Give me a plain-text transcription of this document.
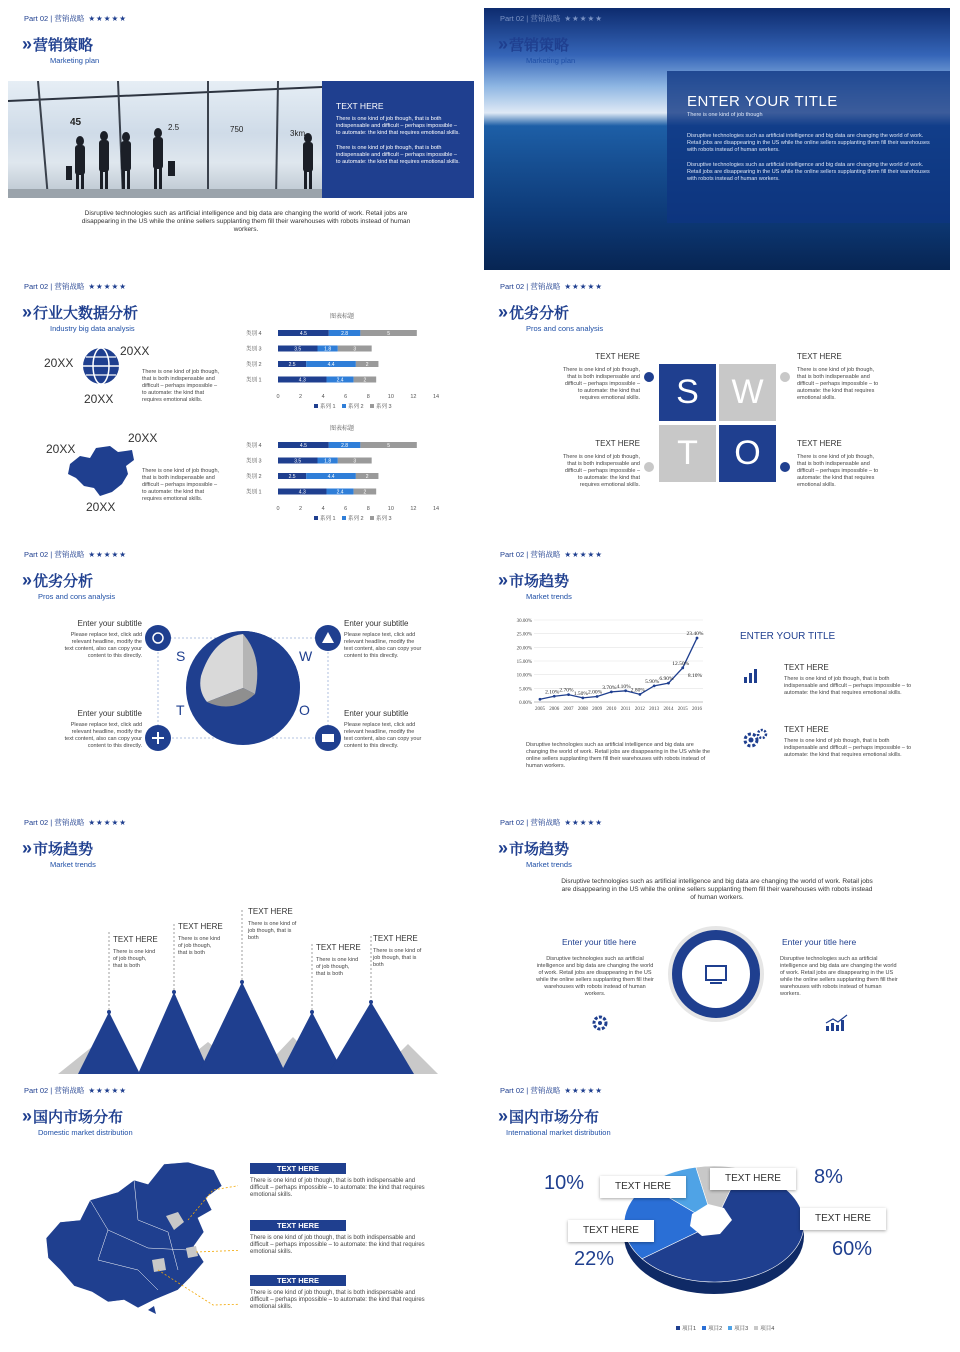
Part 02 | 营销战略 ★★★★★
» 营销策略
Marketing plan
45	2.5	750	3km
TEXT HERE
There is one kind of job though, that is both indispensable and difficult – perhaps impossible – to automate: the kind that requires emotional skills.
There is one kind of job though, that is both indispensable and difficult – perhaps impossible – to automate: the kind that requires emotional skills.
Disruptive technologies such as artificial intelligence and big data are changing the world of work. Retail jobs are disappearing in the US while the online sellers supplanting them fill their warehouses with robots instead of human workers.
Part 02 | 营销战略 ★★★★★
» 营销策略
Marketing plan
ENTER YOUR TITLE
There is one kind of job though
Disruptive technologies such as artificial intelligence and big data are changing the world of work. Retail jobs are disappearing in the US while the online sellers supplanting them fill their warehouses with robots instead of human workers.
Disruptive technologies such as artificial intelligence and big data are changing the world of work. Retail jobs are disappearing in the US while the online sellers supplanting them fill their warehouses with robots instead of human workers.
Part 02 | 营销战略 ★★★★★
» 行业大数据分析
Industry big data analysis
20XX
20XX
20XX
There is one kind of job though, that is both indispensable and difficult – perhaps impossible – to automate: the kind that requires emotional skills.
20XX
20XX
20XX
There is one kind of job though, that is both indispensable and difficult – perhaps impossible – to automate: the kind that requires emotional skills.
图表标题
类别 1	4.3	2.4	2
类别 2	2.5	4.4	2
类别 3	3.5	1.8	3
类别 4	4.5	2.8	5
0	2	4	6	8	10	12	14
系列 1 系列 2 系列 3
图表标题
类别 1	4.3	2.4	2
类别 2	2.5	4.4	2
类别 3	3.5	1.8	3
类别 4	4.5	2.8	5
0	2	4	6	8	10	12	14
系列 1 系列 2 系列 3
Part 02 | 营销战略 ★★★★★
» 优劣分析
Pros and cons analysis
TEXT HERE
There is one kind of job though, that is both indispensable and difficult – perhaps impossible – to automate: the kind that requires emotional skills.
TEXT HERE
There is one kind of job though, that is both indispensable and difficult – perhaps impossible – to automate: the kind that requires emotional skills.
TEXT HERE
There is one kind of job though, that is both indispensable and difficult – perhaps impossible – to automate: the kind that requires emotional skills.
TEXT HERE
There is one kind of job though, that is both indispensable and difficult – perhaps impossible – to automate: the kind that requires emotional skills.
S W
T O
Part 02 | 营销战略 ★★★★★
» 优劣分析
Pros and cons analysis
Enter your subtitle
Please replace text, click add relevant headline, modify the text content, also can copy your content to this directly.
Enter your subtitle
Please replace text, click add relevant headline, modify the text content, also can copy your content to this directly.
Enter your subtitle
Please replace text, click add relevant headline, modify the text content, also can copy your content to this directly.
Enter your subtitle
Please replace text, click add relevant headline, modify the text content, also can copy your content to this directly.
S	W
T	O
Part 02 | 营销战略 ★★★★★
» 市场趋势
Market trends
0.00%
5.00%
10.00%
15.00%
20.00%
25.00%
30.00%
2005 2006 2007 2008 2009 2010 2011 2012 2013 2014 2015 2016
2.10% 2.70%
1.50% 2.00%
3.70% 4.10%
2.80%
5.90% 6.90%
12.50%
23.40%
8.10%
Disruptive technologies such as artificial intelligence and big data are changing the world of work. Retail jobs are disappearing in the US while the online sellers supplanting them fill their warehouses with robots instead of human workers.
ENTER YOUR TITLE
TEXT HERE
There is one kind of job though, that is both indispensable and difficult – perhaps impossible – to automate: the kind that requires emotional skills.
TEXT HERE
There is one kind of job though, that is both indispensable and difficult – perhaps impossible – to automate: the kind that requires emotional skills.
Part 02 | 营销战略 ★★★★★
» 市场趋势
Market trends
TEXT HERE
There is one kind of job though, that is both
TEXT HERE
There is one kind of job though, that is both
TEXT HERE
There is one kind of job though, that is both
TEXT HERE
There is one kind of job though, that is both
TEXT HERE
There is one kind of job though, that is both
Part 02 | 营销战略 ★★★★★
» 市场趋势
Market trends
Disruptive technologies such as artificial intelligence and big data are changing the world of work. Retail jobs are disappearing in the US while the online sellers supplanting them fill their warehouses with robots instead of human workers.
Enter your title here
Disruptive technologies such as artificial intelligence and big data are changing the world of work. Retail jobs are disappearing in the US while the online sellers supplanting them fill their warehouses with robots instead of human workers.
Enter your title here
Disruptive technologies such as artificial intelligence and big data are changing the world of work. Retail jobs are disappearing in the US while the online sellers supplanting them fill their warehouses with robots instead of human workers.
Part 02 | 营销战略 ★★★★★
» 国内市场分布
Domestic market distribution
TEXT HERE
There is one kind of job though, that is both indispensable and difficult – perhaps impossible – to automate: the kind that requires emotional skills.
TEXT HERE
There is one kind of job though, that is both indispensable and difficult – perhaps impossible – to automate: the kind that requires emotional skills.
TEXT HERE
There is one kind of job though, that is both indispensable and difficult – perhaps impossible – to automate: the kind that requires emotional skills.
Part 02 | 营销战略 ★★★★★
» 国内市场分布
International market distribution
10%	8%
22%	60%
TEXT HERE
TEXT HERE
TEXT HERE
TEXT HERE
项目1	项目2	项目3	项目4
